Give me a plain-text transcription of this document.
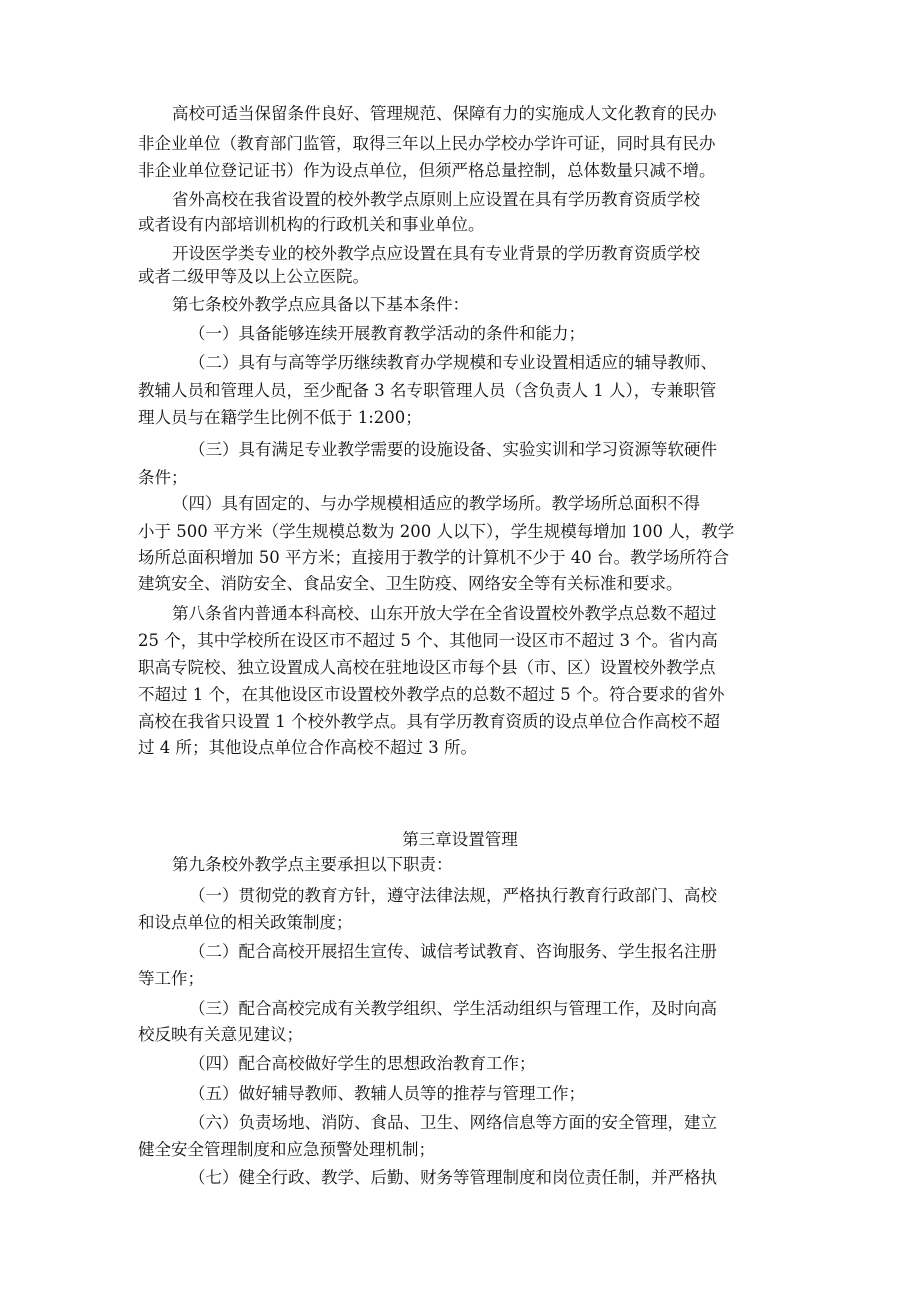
高校可适当保留条件良好、管理规范、保障有力的实施成人文化教育的民办
非企业单位（教育部门监管，取得三年以上民办学校办学许可证，同时具有民办
非企业单位登记证书）作为设点单位，但须严格总量控制，总体数量只减不增。
省外高校在我省设置的校外教学点原则上应设置在具有学历教育资质学校
或者设有内部培训机构的行政机关和事业单位。
开设医学类专业的校外教学点应设置在具有专业背景的学历教育资质学校
或者二级甲等及以上公立医院。
第七条校外教学点应具备以下基本条件：
（一）具备能够连续开展教育教学活动的条件和能力；
（二）具有与高等学历继续教育办学规模和专业设置相适应的辅导教师、
教辅人员和管理人员，至少配备 3 名专职管理人员（含负责人 1 人），专兼职管
理人员与在籍学生比例不低于 1:200；
（三）具有满足专业教学需要的设施设备、实验实训和学习资源等软硬件
条件；
（四）具有固定的、与办学规模相适应的教学场所。教学场所总面积不得
小于 500 平方米（学生规模总数为 200 人以下），学生规模每增加 100 人，教学
场所总面积增加 50 平方米；直接用于教学的计算机不少于 40 台。教学场所符合
建筑安全、消防安全、食品安全、卫生防疫、网络安全等有关标准和要求。
第八条省内普通本科高校、山东开放大学在全省设置校外教学点总数不超过
25 个，其中学校所在设区市不超过 5 个、其他同一设区市不超过 3 个。省内高
职高专院校、独立设置成人高校在驻地设区市每个县（市、区）设置校外教学点
不超过 1 个，在其他设区市设置校外教学点的总数不超过 5 个。符合要求的省外
高校在我省只设置 1 个校外教学点。具有学历教育资质的设点单位合作高校不超
过 4 所；其他设点单位合作高校不超过 3 所。
第三章设置管理
第九条校外教学点主要承担以下职责：
（一）贯彻党的教育方针，遵守法律法规，严格执行教育行政部门、高校
和设点单位的相关政策制度；
（二）配合高校开展招生宣传、诚信考试教育、咨询服务、学生报名注册
等工作；
（三）配合高校完成有关教学组织、学生活动组织与管理工作，及时向高
校反映有关意见建议；
（四）配合高校做好学生的思想政治教育工作；
（五）做好辅导教师、教辅人员等的推荐与管理工作；
（六）负责场地、消防、食品、卫生、网络信息等方面的安全管理，建立
健全安全管理制度和应急预警处理机制；
（七）健全行政、教学、后勤、财务等管理制度和岗位责任制，并严格执
